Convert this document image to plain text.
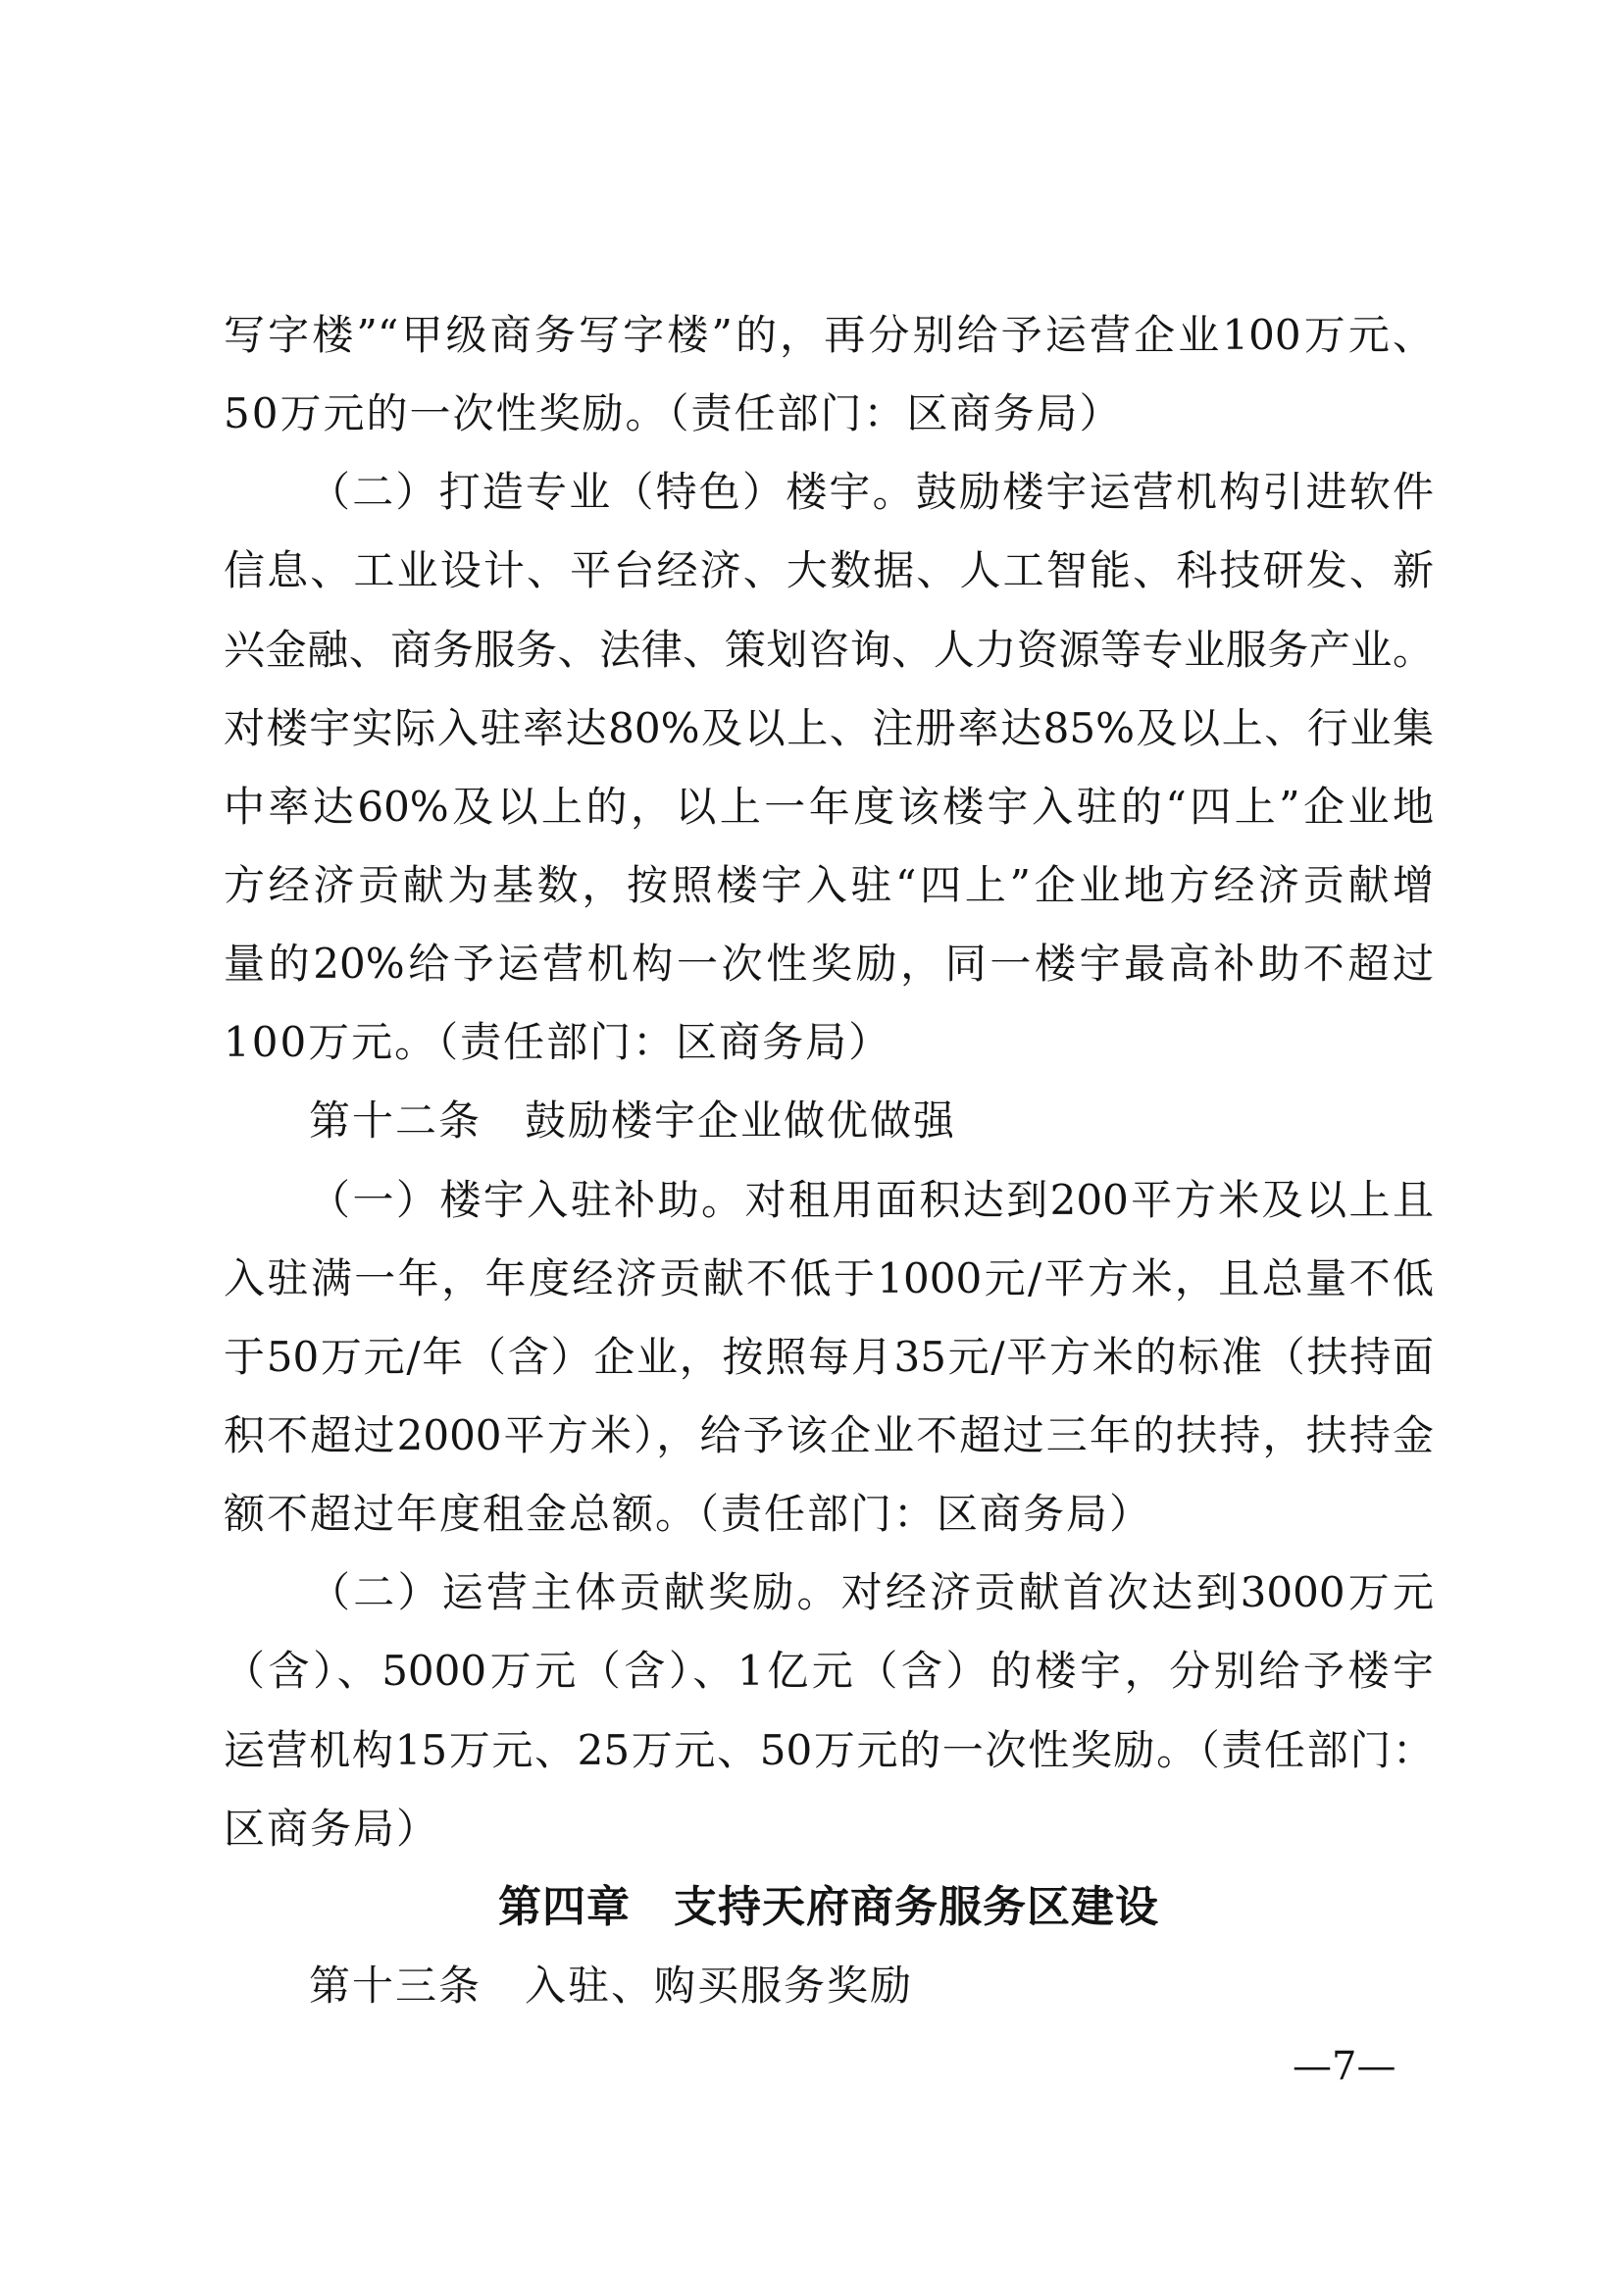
写字楼”“甲级商务写字楼”的，再分别给予运营企业100万元、
50万元的一次性奖励。（责任部门：区商务局）
（二）打造专业（特色）楼宇。鼓励楼宇运营机构引进软件
信息、工业设计、平台经济、大数据、人工智能、科技研发、新
兴金融、商务服务、法律、策划咨询、人力资源等专业服务产业。
对楼宇实际入驻率达80%及以上、注册率达85%及以上、行业集
中率达60%及以上的，以上一年度该楼宇入驻的“四上”企业地
方经济贡献为基数，按照楼宇入驻“四上”企业地方经济贡献增
量的20%给予运营机构一次性奖励，同一楼宇最高补助不超过
100万元。（责任部门：区商务局）
第十二条 鼓励楼宇企业做优做强
（一）楼宇入驻补助。对租用面积达到200平方米及以上且
入驻满一年，年度经济贡献不低于1000元/平方米，且总量不低
于50万元/年（含）企业，按照每月35元/平方米的标准（扶持面
积不超过2000平方米），给予该企业不超过三年的扶持，扶持金
额不超过年度租金总额。（责任部门：区商务局）
（二）运营主体贡献奖励。对经济贡献首次达到3000万元
（含）、5000万元（含）、1亿元（含）的楼宇，分别给予楼宇
运营机构15万元、25万元、50万元的一次性奖励。（责任部门：
区商务局）
第四章 支持天府商务服务区建设
第十三条 入驻、购买服务奖励
—7—
